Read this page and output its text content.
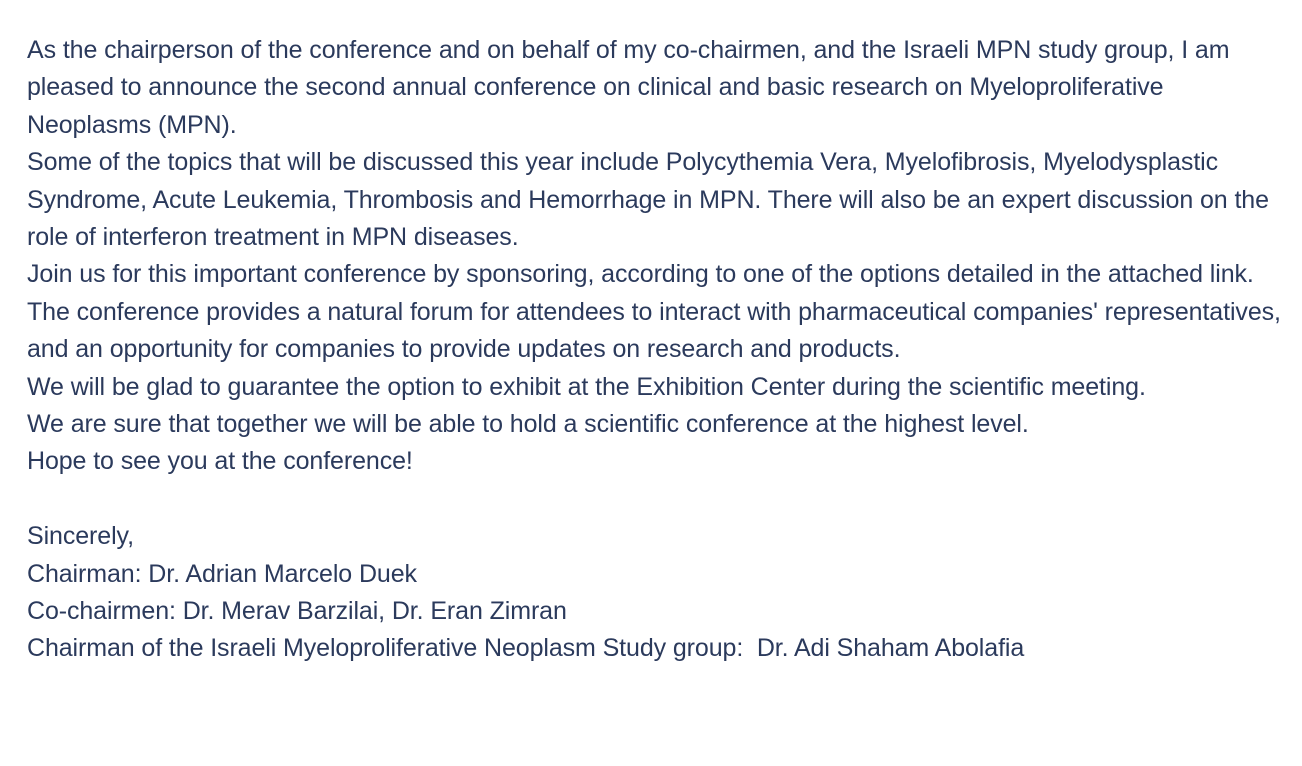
As the chairperson of the conference and on behalf of my co-chairmen, and the Israeli MPN study group, I am pleased to announce the second annual conference on clinical and basic research on Myeloproliferative Neoplasms (MPN).

Some of the topics that will be discussed this year include Polycythemia Vera, Myelofibrosis, Myelodysplastic Syndrome, Acute Leukemia, Thrombosis and Hemorrhage in MPN. There will also be an expert discussion on the role of interferon treatment in MPN diseases.

Join us for this important conference by sponsoring, according to one of the options detailed in the attached link.

The conference provides a natural forum for attendees to interact with pharmaceutical companies' representatives, and an opportunity for companies to provide updates on research and products.

We will be glad to guarantee the option to exhibit at the Exhibition Center during the scientific meeting.

We are sure that together we will be able to hold a scientific conference at the highest level.

Hope to see you at the conference!

Sincerely,

Chairman: Dr. Adrian Marcelo Duek

Co-chairmen: Dr. Merav Barzilai, Dr. Eran Zimran

Chairman of the Israeli Myeloproliferative Neoplasm Study group:  Dr. Adi Shaham Abolafia
